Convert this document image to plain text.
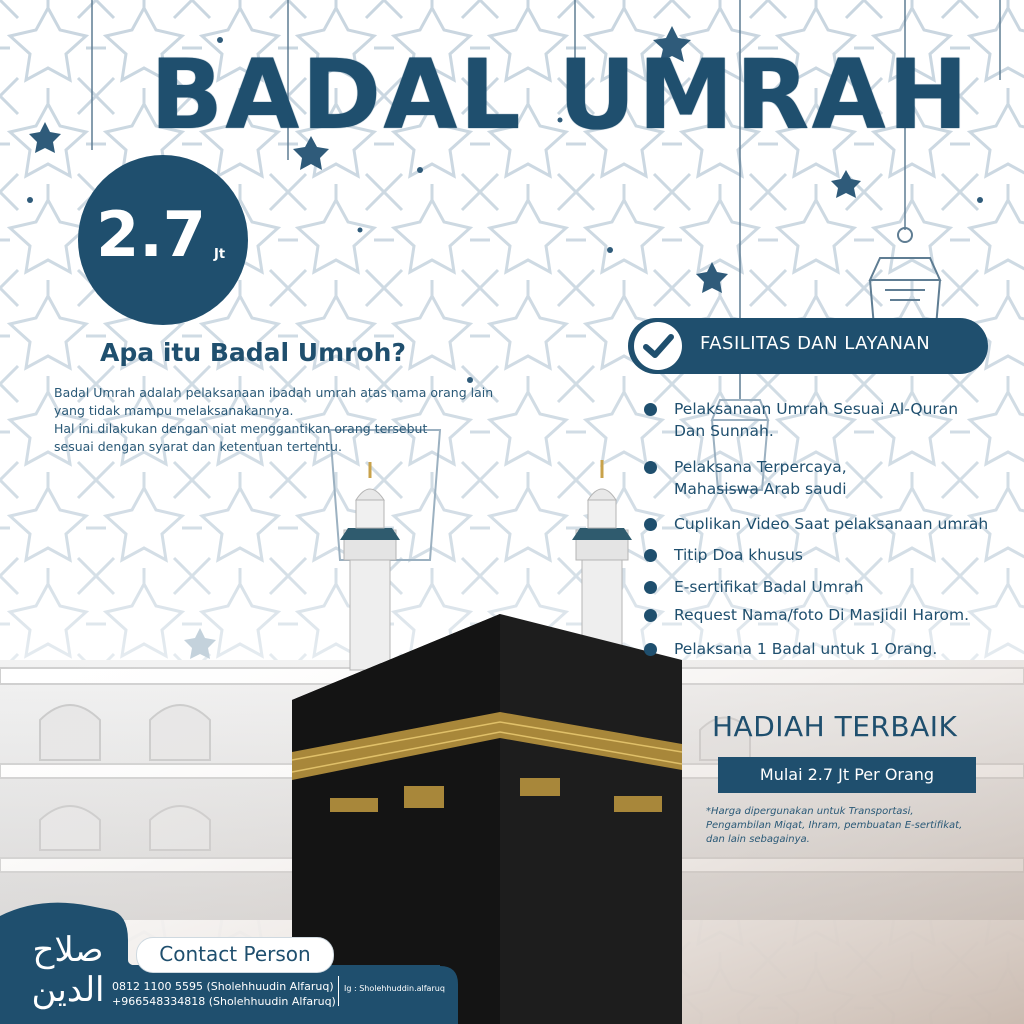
BADAL UMRAH
2.7 Jt
Apa itu Badal Umroh?
Badal Umrah adalah pelaksanaan ibadah umrah atas nama orang lain
yang tidak mampu melaksanakannya.
Hal ini dilakukan dengan niat menggantikan orang tersebut
sesuai dengan syarat dan ketentuan tertentu.
FASILITAS DAN LAYANAN
Pelaksanaan Umrah Sesuai Al-Quran
Dan Sunnah.
Pelaksana Terpercaya,
Mahasiswa Arab saudi
Cuplikan Video Saat pelaksanaan umrah
Titip Doa khusus
E-sertifikat Badal Umrah
Request Nama/foto Di Masjidil Harom.
Pelaksana 1 Badal untuk 1 Orang.
HADIAH TERBAIK
Mulai 2.7 Jt Per Orang
*Harga dipergunakan untuk Transportasi,
Pengambilan Miqat, Ihram, pembuatan E-sertifikat,
dan lain sebagainya.
صلاح
الدين
Contact Person
0812 1100 5595 (Sholehhuudin Alfaruq)
+966548334818 (Sholehhuudin Alfaruq)
Ig : Sholehhuddin.alfaruq
